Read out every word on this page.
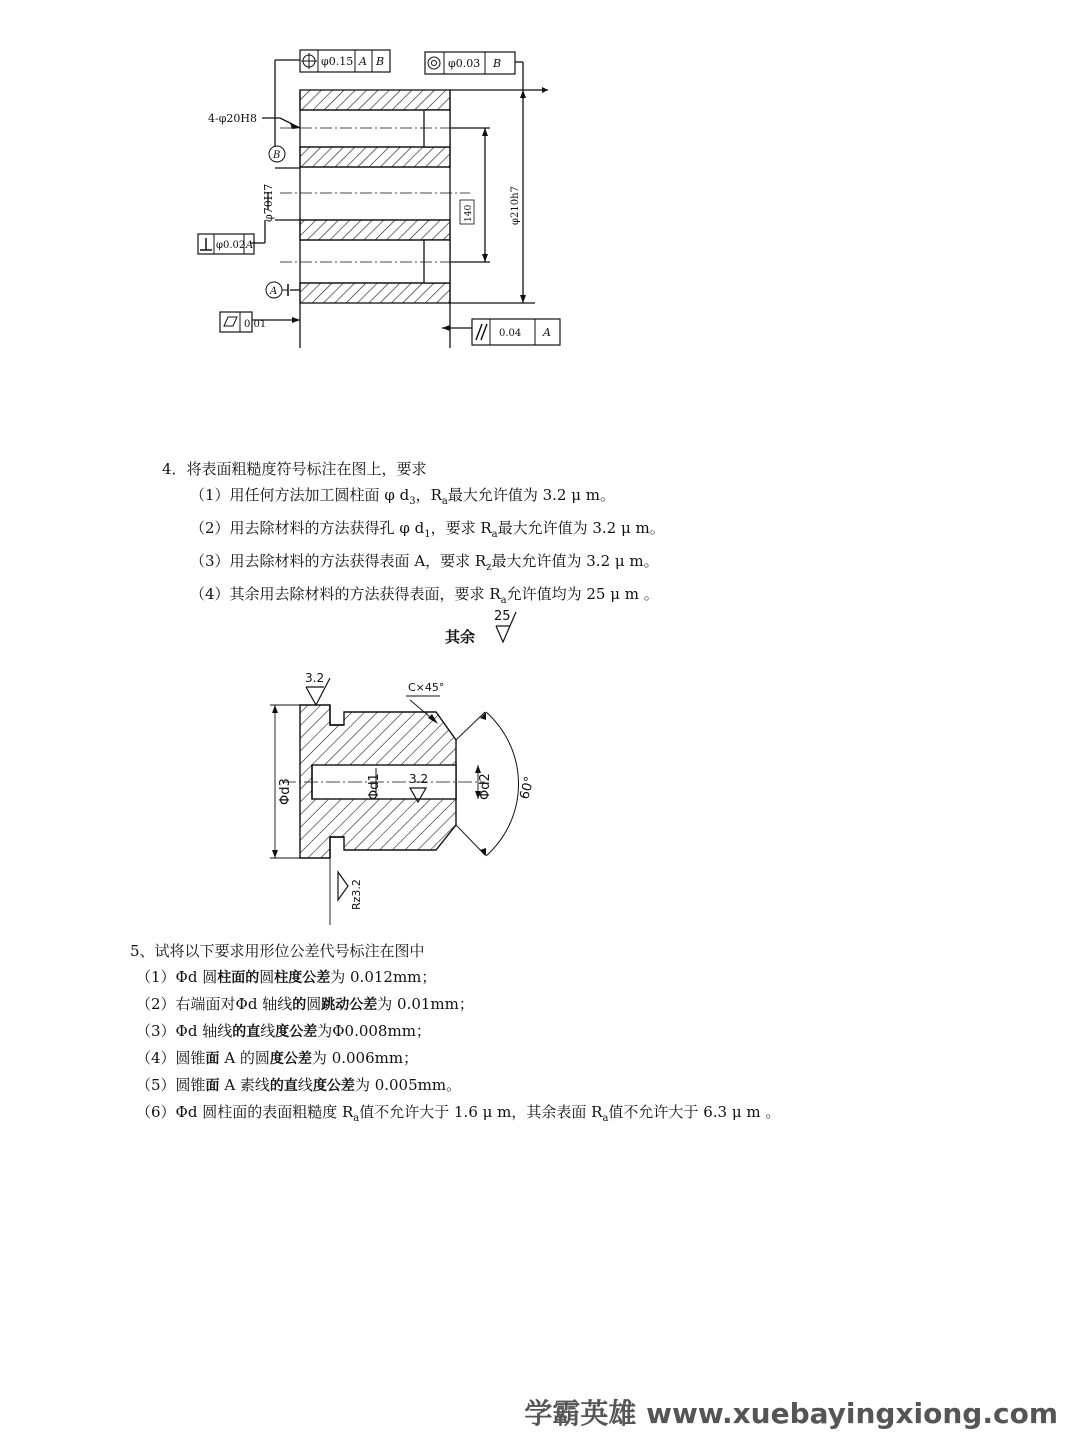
φ0.15 A B	φ0.03 B
4-φ20H8
B
φ70H7
φ0.02 A
A
0.01
0.04 A
140	φ210h7
4．将表面粗糙度符号标注在图上，要求
（1）用任何方法加工圆柱面 φ $d_3$，$R_a$最大允许值为 3.2 μ m。
（2）用去除材料的方法获得孔 φ $d_1$，要求 $R_a$最大允许值为 3.2 μ m。
（3）用去除材料的方法获得表面 A，要求 $R_z$最大允许值为 3.2 μ m。
（4）其余用去除材料的方法获得表面，要求 $R_a$允许值均为 25 μ m 。
其余
25
3.2
C×45°
Φd3	Φd1 3.2	Φd2 60°
Rz3.2
5、试将以下要求用形位公差代号标注在图中
（1）Φd 圆柱面的圆柱度公差为 0.012mm；
（2）右端面对Φd 轴线的圆跳动公差为 0.01mm；
（3）Φd 轴线的直线度公差为Φ0.008mm；
（4）圆锥面 A 的圆度公差为 0.006mm；
（5）圆锥面 A 素线的直线度公差为 0.005mm。
（6）Φd 圆柱面的表面粗糙度 $R_a$值不允许大于 1.6 μ m，其余表面 $R_a$值不允许大于 6.3 μ m 。
学霸英雄 www.xuebayingxiong.com
